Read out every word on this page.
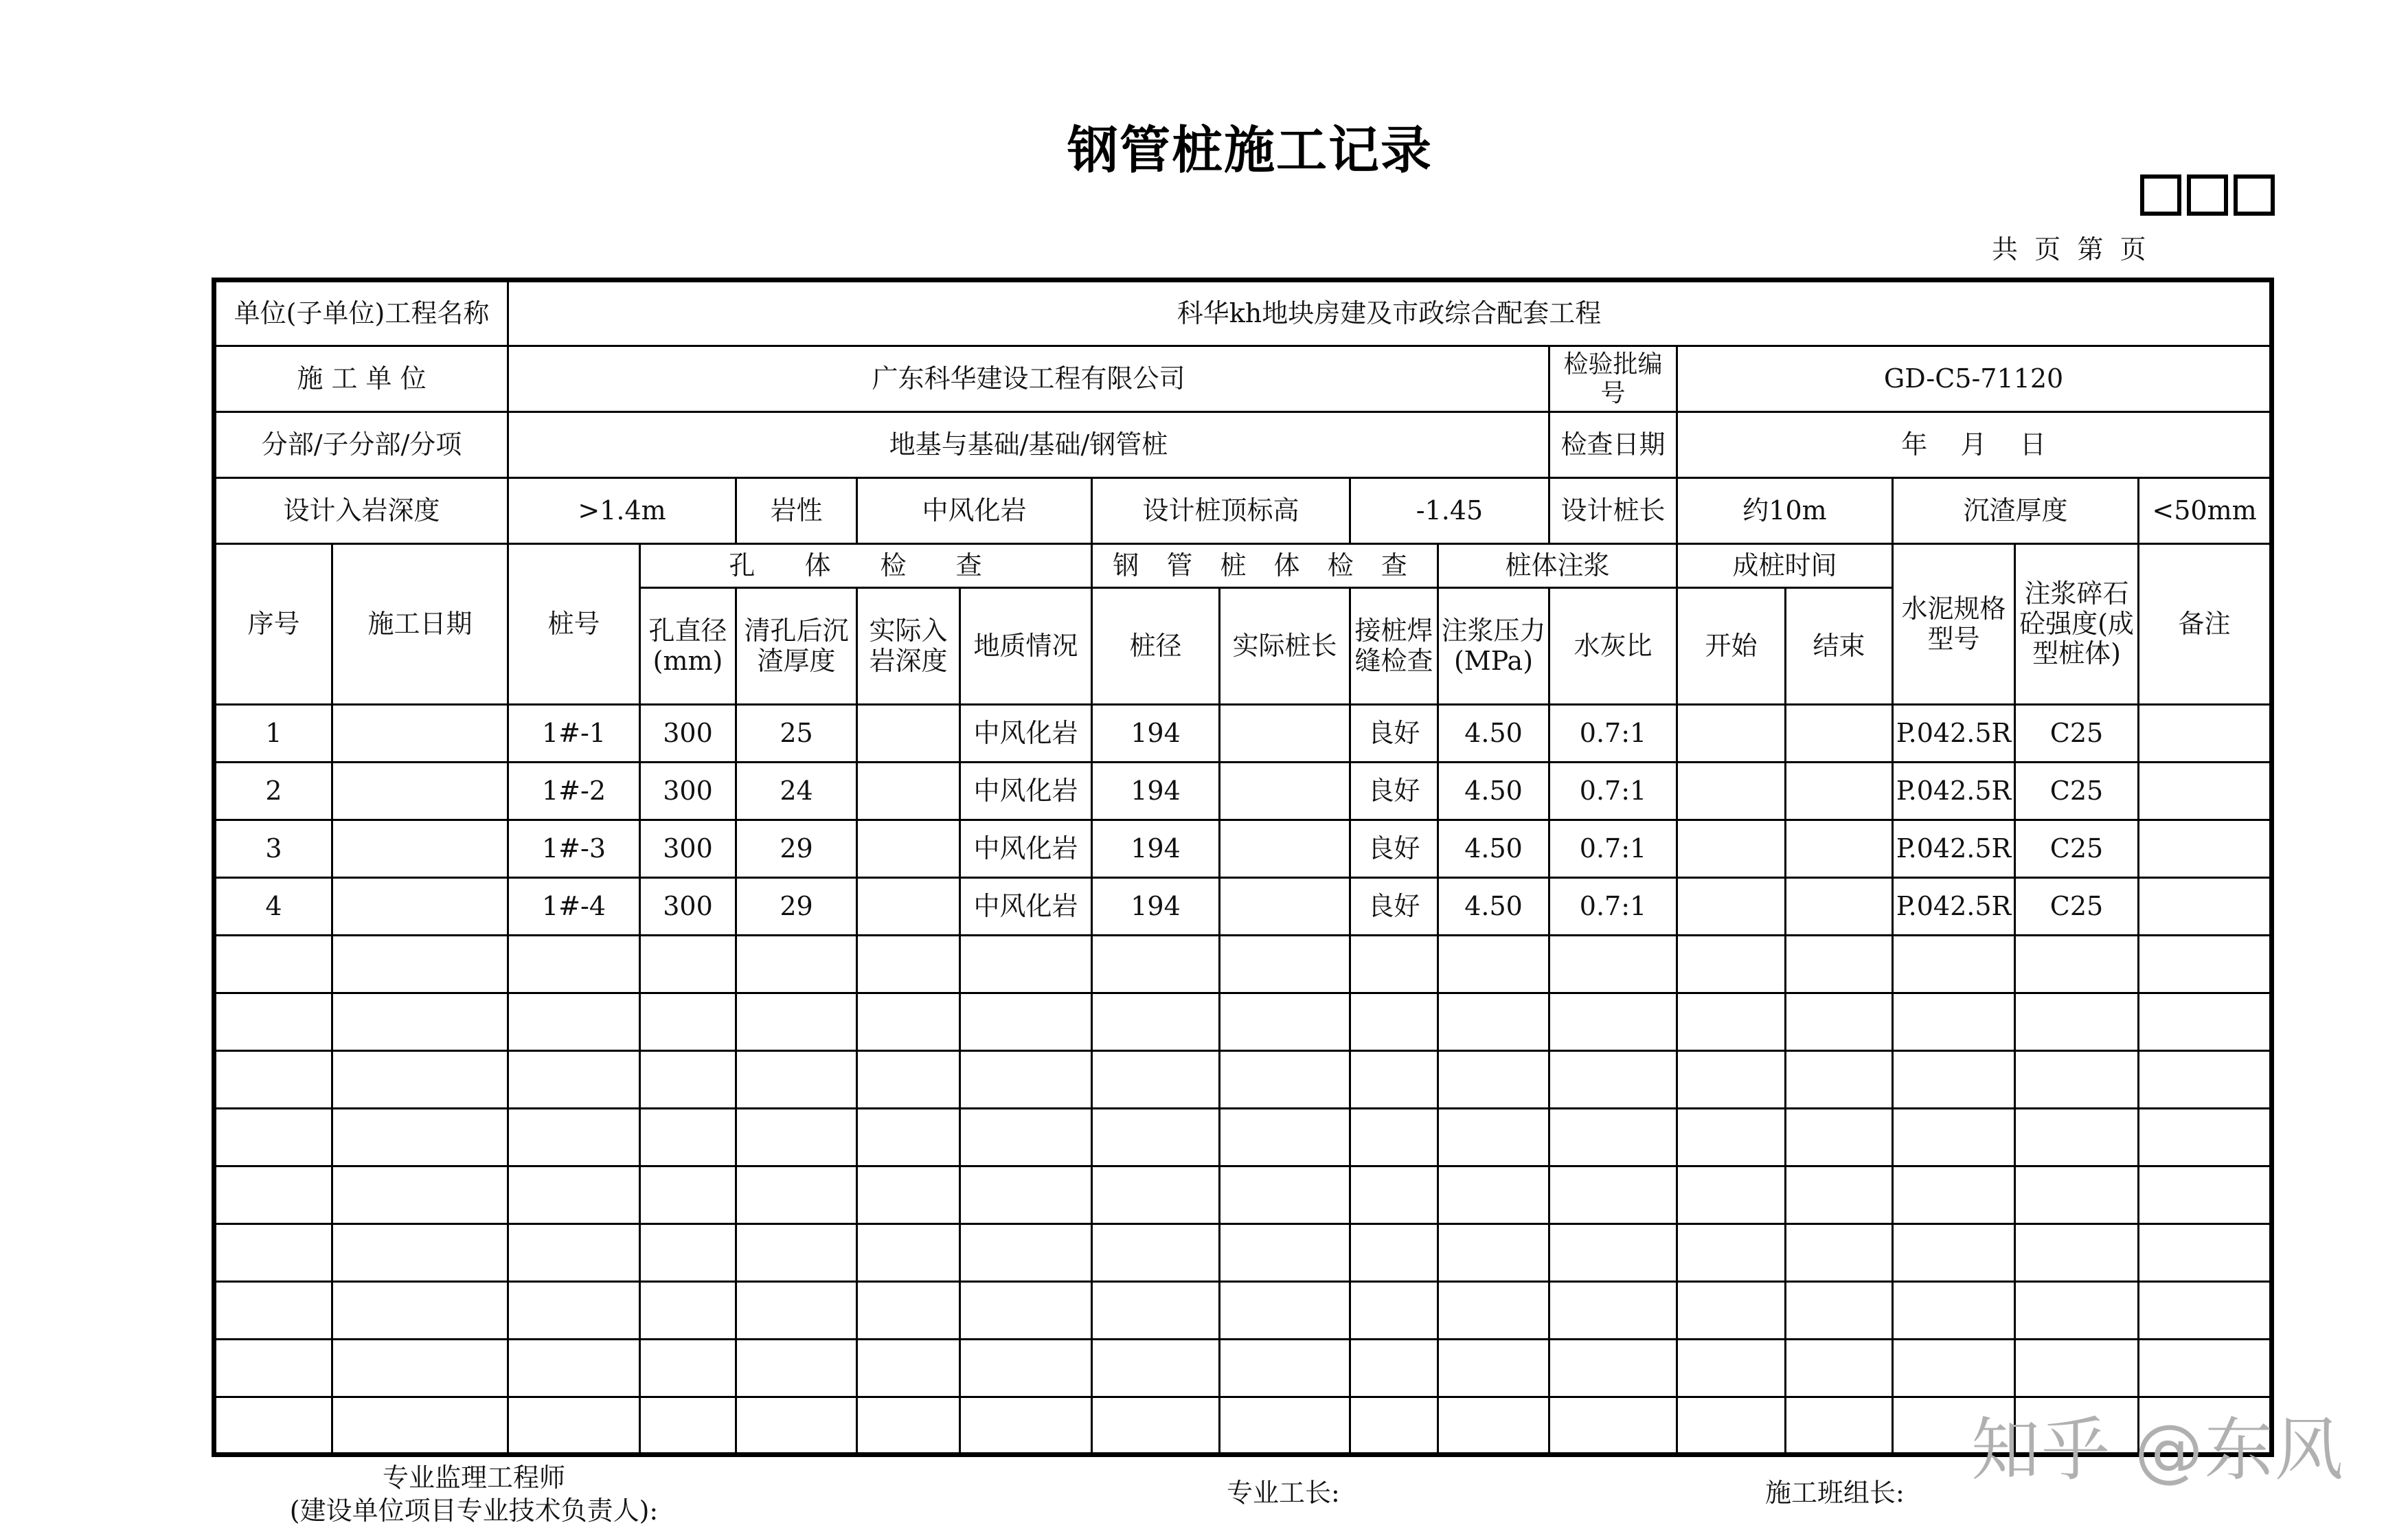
钢管桩施工记录
共  页  第  页
单位(子单位)工程名称		科华kh地块房建及市政综合配套工程														
施 工 单 位		广东科华建设工程有限公司									检验批编号	GD-C5-71120				
分部/子分部/分项		地基与基础/基础/钢管桩									检查日期	年    月    日				
设计入岩深度		>1.4m		岩性	中风化岩		设计桩顶标高		-1.45		设计桩长	约10m		沉渣厚度		<50mm
序号	施工日期	桩号	孔 体 检 查				钢 管 桩 体 检 查			桩体注浆		成桩时间		水泥规格型号	注浆碎石砼强度(成型桩体)	备注
			孔直径(mm)	清孔后沉渣厚度	实际入岩深度	地质情况	桩径	实际桩长	接桩焊缝检查	注浆压力(MPa)	水灰比	开始	结束			
1		1#-1	300	25		中风化岩	194		良好	4.50	0.7:1			P.042.5R	C25	
2		1#-2	300	24		中风化岩	194		良好	4.50	0.7:1			P.042.5R	C25	
3		1#-3	300	29		中风化岩	194		良好	4.50	0.7:1			P.042.5R	C25	
4		1#-4	300	29		中风化岩	194		良好	4.50	0.7:1			P.042.5R	C25	

专业监理工程师
(建设单位项目专业技术负责人):
专业工长:	施工班组长:
知乎 @东风
